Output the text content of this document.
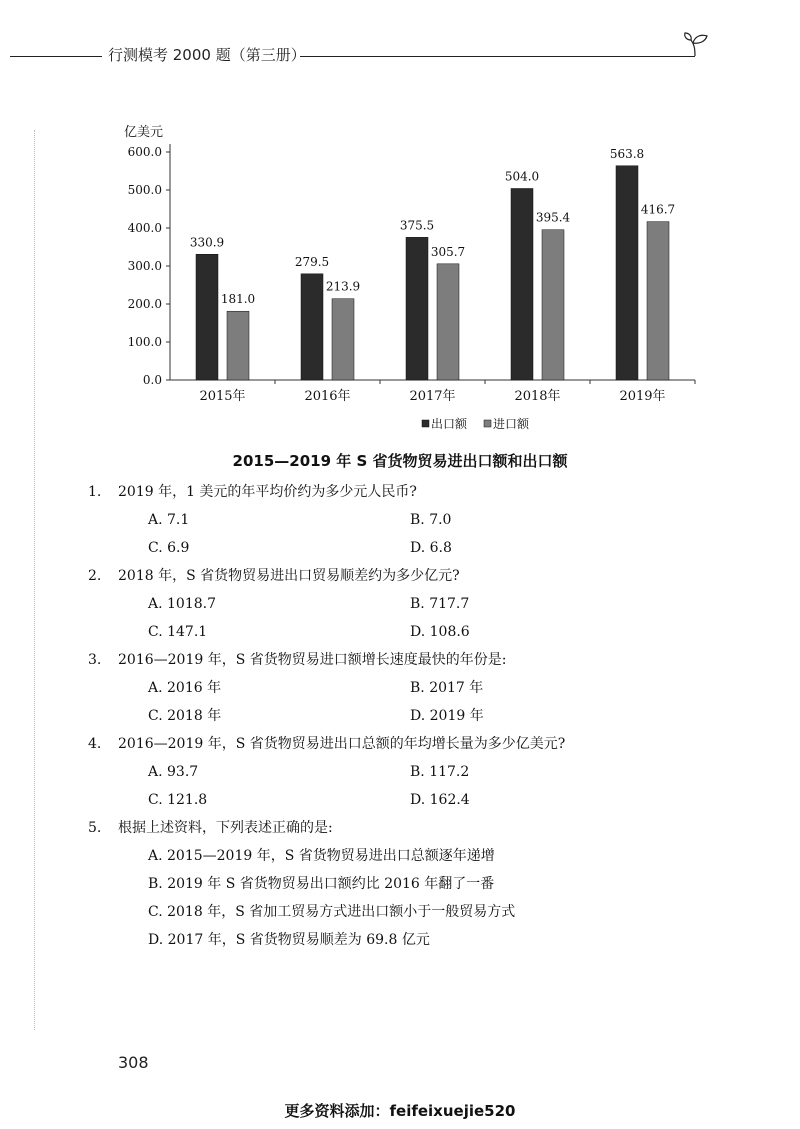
行测模考 2000 题（第三册）
亿美元
0.0
100.0
200.0
300.0
400.0
500.0
600.0
2015年
330.9
181.0
2016年
279.5
213.9
2017年
375.5
305.7
2018年
504.0
395.4
2019年
563.8
416.7
出口额 进口额
2015—2019 年 S 省货物贸易进出口额和出口额
1. 2019 年，1 美元的年平均价约为多少元人民币?
A. 7.1	B. 7.0
C. 6.9	D. 6.8
2. 2018 年，S 省货物贸易进出口贸易顺差约为多少亿元?
A. 1018.7	B. 717.7
C. 147.1	D. 108.6
3. 2016—2019 年，S 省货物贸易进口额增长速度最快的年份是:
A. 2016 年	B. 2017 年
C. 2018 年	D. 2019 年
4. 2016—2019 年，S 省货物贸易进出口总额的年均增长量为多少亿美元?
A. 93.7	B. 117.2
C. 121.8	D. 162.4
5. 根据上述资料，下列表述正确的是:
A. 2015—2019 年，S 省货物贸易进出口总额逐年递增
B. 2019 年 S 省货物贸易出口额约比 2016 年翻了一番
C. 2018 年，S 省加工贸易方式进出口额小于一般贸易方式
D. 2017 年，S 省货物贸易顺差为 69.8 亿元
308
更多资料添加：feifeixuejie520
